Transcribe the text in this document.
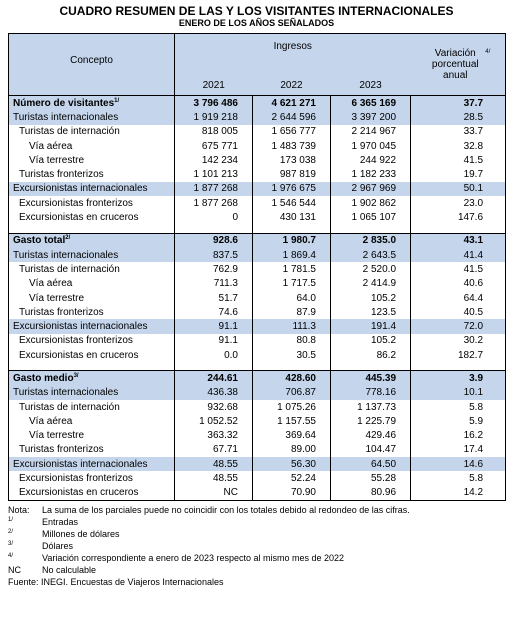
CUADRO RESUMEN DE LAS Y LOS VISITANTES INTERNACIONALES
ENERO DE LOS AÑOS SEÑALADOS
Concepto	Ingresos			Variación porcentual anual$^{4/}$
	2021	2022	2023	
Número de visitantes$^{1/}$	3 796 486	4 621 271	6 365 169	37.7
Turistas internacionales	1 919 218	2 644 596	3 397 200	28.5
Turistas de internación	818 005	1 656 777	2 214 967	33.7
Vía aérea	675 771	1 483 739	1 970 045	32.8
Vía terrestre	142 234	173 038	244 922	41.5
Turistas fronterizos	1 101 213	987 819	1 182 233	19.7
Excursionistas internacionales	1 877 268	1 976 675	2 967 969	50.1
Excursionistas fronterizos	1 877 268	1 546 544	1 902 862	23.0
Excursionistas en cruceros	0	430 131	1 065 107	147.6

Gasto total$^{2/}$	928.6	1 980.7	2 835.0	43.1
Turistas internacionales	837.5	1 869.4	2 643.5	41.4
Turistas de internación	762.9	1 781.5	2 520.0	41.5
Vía aérea	711.3	1 717.5	2 414.9	40.6
Vía terrestre	51.7	64.0	105.2	64.4
Turistas fronterizos	74.6	87.9	123.5	40.5
Excursionistas internacionales	91.1	111.3	191.4	72.0
Excursionistas fronterizos	91.1	80.8	105.2	30.2
Excursionistas en cruceros	0.0	30.5	86.2	182.7

Gasto medio$^{3/}$	244.61	428.60	445.39	3.9
Turistas internacionales	436.38	706.87	778.16	10.1
Turistas de internación	932.68	1 075.26	1 137.73	5.8
Vía aérea	1 052.52	1 157.55	1 225.79	5.9
Vía terrestre	363.32	369.64	429.46	16.2
Turistas fronterizos	67.71	89.00	104.47	17.4
Excursionistas internacionales	48.55	56.30	64.50	14.6
Excursionistas fronterizos	48.55	52.24	55.28	5.8
Excursionistas en cruceros	NC	70.90	80.96	14.2
Nota:	La suma de los parciales puede no coincidir con los totales debido al redondeo de las cifras.
$^{1/}$	Entradas
$^{2/}$	Millones de dólares
$^{3/}$	Dólares
$^{4/}$	Variación correspondiente a enero de 2023 respecto al mismo mes de 2022
NC	No calculable
Fuente: INEGI. Encuestas de Viajeros Internacionales
